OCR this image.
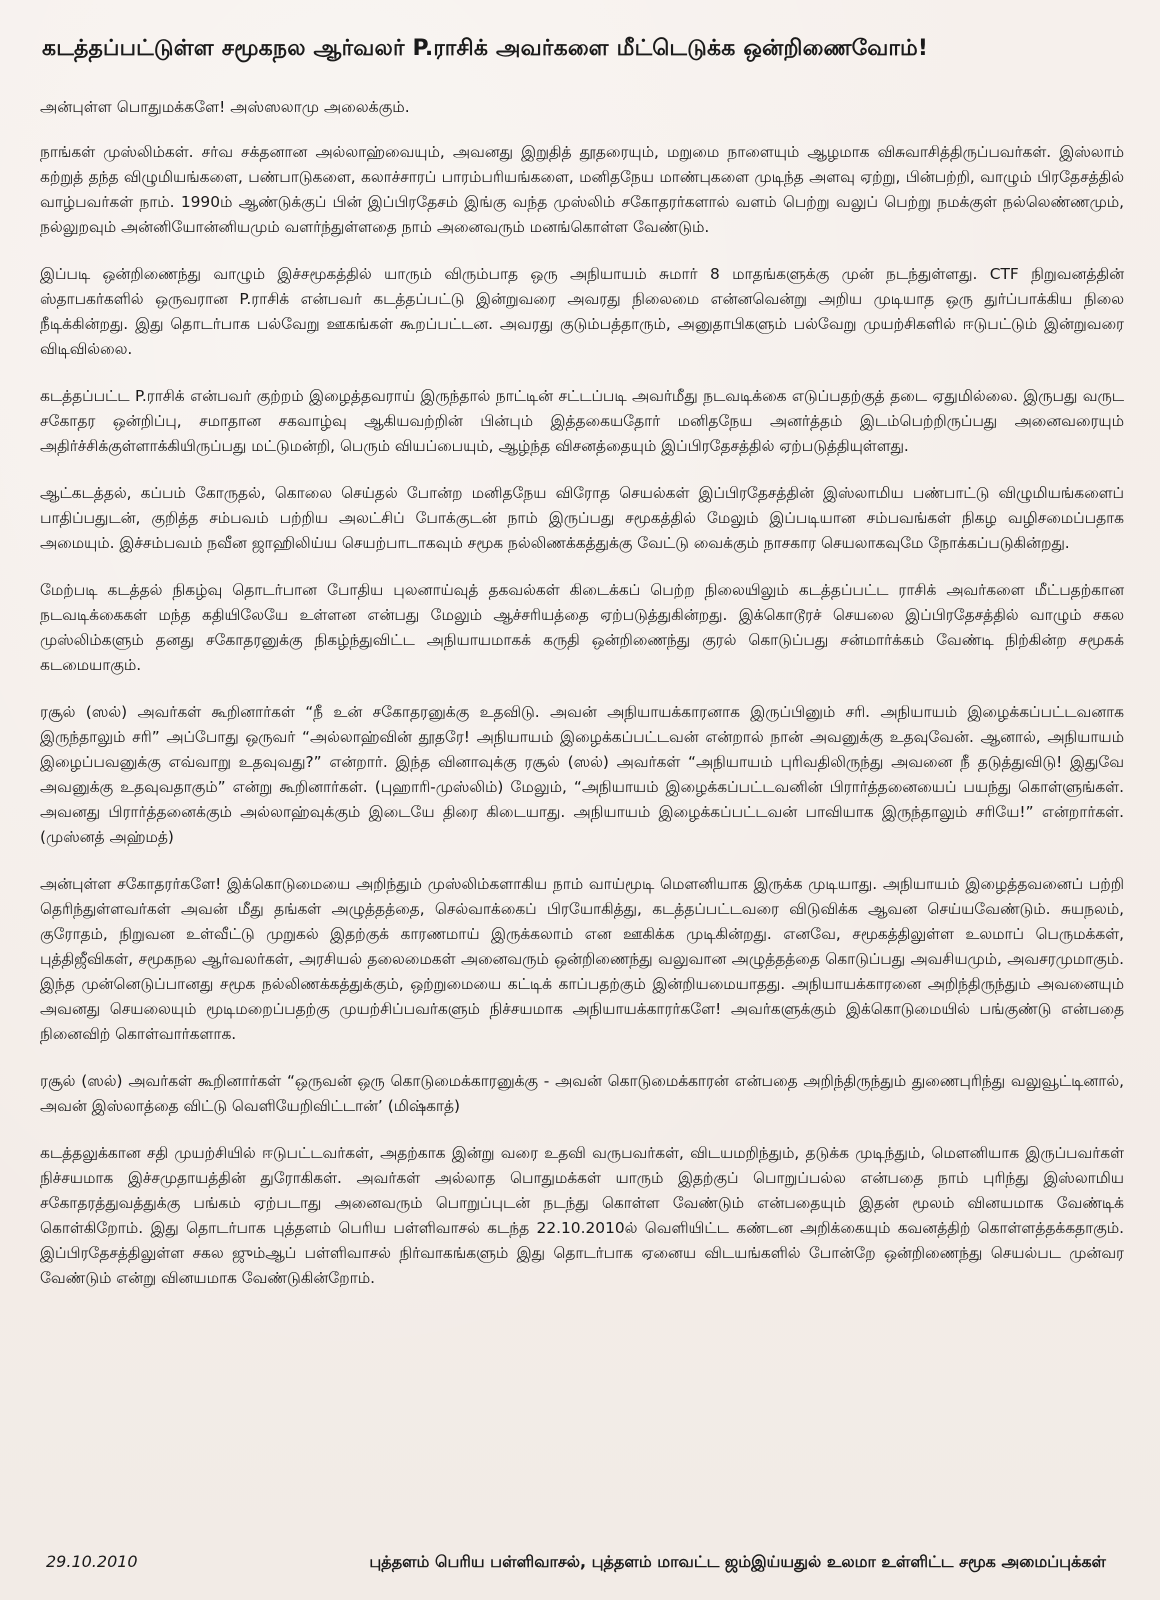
கடத்தப்பட்டுள்ள சமூகநல ஆர்வலர் P.ராசிக் அவர்களை மீட்டெடுக்க ஒன்றிணைவோம்!
அன்புள்ள பொதுமக்களே! அஸ்ஸலாமு அலைக்கும்.

நாங்கள் முஸ்லிம்கள். சர்வ சக்தனான அல்லாஹ்வையும், அவனது இறுதித் தூதரையும், மறுமை நாளையும் ஆழமாக விசுவாசித்திருப்பவர்கள். இஸ்லாம் கற்றுத் தந்த விழுமியங்களை, பண்பாடுகளை, கலாச்சாரப் பாரம்பரியங்களை, மனிதநேய மாண்புகளை முடிந்த அளவு ஏற்று, பின்பற்றி, வாழும் பிரதேசத்தில் வாழ்பவர்கள் நாம். 1990ம் ஆண்டுக்குப் பின் இப்பிரதேசம் இங்கு வந்த முஸ்லிம் சகோதரர்களால் வளம் பெற்று வலுப் பெற்று நமக்குள் நல்லெண்ணமும், நல்லுறவும் அன்னியோன்னியமும் வளர்ந்துள்ளதை நாம் அனைவரும் மனங்கொள்ள வேண்டும்.

இப்படி ஒன்றிணைந்து வாழும் இச்சமூகத்தில் யாரும் விரும்பாத ஒரு அநியாயம் சுமார் 8 மாதங்களுக்கு முன் நடந்துள்ளது. CTF நிறுவனத்தின் ஸ்தாபகர்களில் ஒருவரான P.ராசிக் என்பவர் கடத்தப்பட்டு இன்றுவரை அவரது நிலைமை என்னவென்று அறிய முடியாத ஒரு துர்ப்பாக்கிய நிலை நீடிக்கின்றது. இது தொடர்பாக பல்வேறு ஊகங்கள் கூறப்பட்டன. அவரது குடும்பத்தாரும், அனுதாபிகளும் பல்வேறு முயற்சிகளில் ஈடுபட்டும் இன்றுவரை விடிவில்லை.

கடத்தப்பட்ட P.ராசிக் என்பவர் குற்றம் இழைத்தவராய் இருந்தால் நாட்டின் சட்டப்படி அவர்மீது நடவடிக்கை எடுப்பதற்குத் தடை ஏதுமில்லை. இருபது வருட சகோதர ஒன்றிப்பு, சமாதான சகவாழ்வு ஆகியவற்றின் பின்பும் இத்தகையதோர் மனிதநேய அனர்த்தம் இடம்பெற்றிருப்பது அனைவரையும் அதிர்ச்சிக்குள்ளாக்கியிருப்பது மட்டுமன்றி, பெரும் வியப்பையும், ஆழ்ந்த விசனத்தையும் இப்பிரதேசத்தில் ஏற்படுத்தியுள்ளது.

ஆட்கடத்தல், கப்பம் கோருதல், கொலை செய்தல் போன்ற மனிதநேய விரோத செயல்கள் இப்பிரதேசத்தின் இஸ்லாமிய பண்பாட்டு விழுமியங்களைப் பாதிப்பதுடன், குறித்த சம்பவம் பற்றிய அலட்சிப் போக்குடன் நாம் இருப்பது சமூகத்தில் மேலும் இப்படியான சம்பவங்கள் நிகழ வழிசமைப்பதாக அமையும். இச்சம்பவம் நவீன ஜாஹிலிய்ய செயற்பாடாகவும் சமூக நல்லிணக்கத்துக்கு வேட்டு வைக்கும் நாசகார செயலாகவுமே நோக்கப்படுகின்றது.

மேற்படி கடத்தல் நிகழ்வு தொடர்பான போதிய புலனாய்வுத் தகவல்கள் கிடைக்கப் பெற்ற நிலையிலும் கடத்தப்பட்ட ராசிக் அவர்களை மீட்பதற்கான நடவடிக்கைகள் மந்த கதியிலேயே உள்ளன என்பது மேலும் ஆச்சரியத்தை ஏற்படுத்துகின்றது. இக்கொடூரச் செயலை இப்பிரதேசத்தில் வாழும் சகல முஸ்லிம்களும் தனது சகோதரனுக்கு நிகழ்ந்துவிட்ட அநியாயமாகக் கருதி ஒன்றிணைந்து குரல் கொடுப்பது சன்மார்க்கம் வேண்டி நிற்கின்ற சமூகக் கடமையாகும்.

ரசூல் (ஸல்) அவர்கள் கூறினார்கள் “நீ உன் சகோதரனுக்கு உதவிடு. அவன் அநியாயக்காரனாக இருப்பினும் சரி. அநியாயம் இழைக்கப்பட்டவனாக இருந்தாலும் சரி” அப்போது ஒருவர் “அல்லாஹ்வின் தூதரே! அநியாயம் இழைக்கப்பட்டவன் என்றால் நான் அவனுக்கு உதவுவேன். ஆனால், அநியாயம் இழைப்பவனுக்கு எவ்வாறு உதவுவது?” என்றார். இந்த வினாவுக்கு ரசூல் (ஸல்) அவர்கள் “அநியாயம் புரிவதிலிருந்து அவனை நீ தடுத்துவிடு! இதுவே அவனுக்கு உதவுவதாகும்” என்று கூறினார்கள். (புஹாரி-முஸ்லிம்) மேலும், “அநியாயம் இழைக்கப்பட்டவனின் பிரார்த்தனையைப் பயந்து கொள்ளுங்கள். அவனது பிரார்த்தனைக்கும் அல்லாஹ்வுக்கும் இடையே திரை கிடையாது. அநியாயம் இழைக்கப்பட்டவன் பாவியாக இருந்தாலும் சரியே!” என்றார்கள். (முஸ்னத் அஹ்மத்)

அன்புள்ள சகோதரர்களே! இக்கொடுமையை அறிந்தும் முஸ்லிம்களாகிய நாம் வாய்மூடி மௌனியாக இருக்க முடியாது. அநியாயம் இழைத்தவனைப் பற்றி தெரிந்துள்ளவர்கள் அவன் மீது தங்கள் அழுத்தத்தை, செல்வாக்கைப் பிரயோகித்து, கடத்தப்பட்டவரை விடுவிக்க ஆவன செய்யவேண்டும். சுயநலம், குரோதம், நிறுவன உள்வீட்டு முறுகல் இதற்குக் காரணமாய் இருக்கலாம் என ஊகிக்க முடிகின்றது. எனவே, சமூகத்திலுள்ள உலமாப் பெருமக்கள், புத்திஜீவிகள், சமூகநல ஆர்வலர்கள், அரசியல் தலைமைகள் அனைவரும் ஒன்றிணைந்து வலுவான அழுத்தத்தை கொடுப்பது அவசியமும், அவசரமுமாகும். இந்த முன்னெடுப்பானது சமூக நல்லிணக்கத்துக்கும், ஒற்றுமையை கட்டிக் காப்பதற்கும் இன்றியமையாதது. அநியாயக்காரனை அறிந்திருந்தும் அவனையும் அவனது செயலையும் மூடிமறைப்பதற்கு முயற்சிப்பவர்களும் நிச்சயமாக அநியாயக்காரர்களே! அவர்களுக்கும் இக்கொடுமையில் பங்குண்டு என்பதை நினைவிற் கொள்வார்களாக.

ரசூல் (ஸல்) அவர்கள் கூறினார்கள் “ஒருவன் ஒரு கொடுமைக்காரனுக்கு - அவன் கொடுமைக்காரன் என்பதை அறிந்திருந்தும் துணைபுரிந்து வலுவூட்டினால், அவன் இஸ்லாத்தை விட்டு வெளியேறிவிட்டான்’ (மிஷ்காத்)

கடத்தலுக்கான சதி முயற்சியில் ஈடுபட்டவர்கள், அதற்காக இன்று வரை உதவி வருபவர்கள், விடயமறிந்தும், தடுக்க முடிந்தும், மௌனியாக இருப்பவர்கள் நிச்சயமாக இச்சமுதாயத்தின் துரோகிகள். அவர்கள் அல்லாத பொதுமக்கள் யாரும் இதற்குப் பொறுப்பல்ல என்பதை நாம் புரிந்து இஸ்லாமிய சகோதரத்துவத்துக்கு பங்கம் ஏற்படாது அனைவரும் பொறுப்புடன் நடந்து கொள்ள வேண்டும் என்பதையும் இதன் மூலம் வினயமாக வேண்டிக் கொள்கிறோம். இது தொடர்பாக புத்தளம் பெரிய பள்ளிவாசல் கடந்த 22.10.2010ல் வெளியிட்ட கண்டன அறிக்கையும் கவனத்திற் கொள்ளத்தக்கதாகும். இப்பிரதேசத்திலுள்ள சகல ஜும்ஆப் பள்ளிவாசல் நிர்வாகங்களும் இது தொடர்பாக ஏனைய விடயங்களில் போன்றே ஒன்றிணைந்து செயல்பட முன்வர வேண்டும் என்று வினயமாக வேண்டுகின்றோம்.

29.10.2010	புத்தளம் பெரிய பள்ளிவாசல், புத்தளம் மாவட்ட ஜம்இய்யதுல் உலமா உள்ளிட்ட சமூக அமைப்புக்கள்
